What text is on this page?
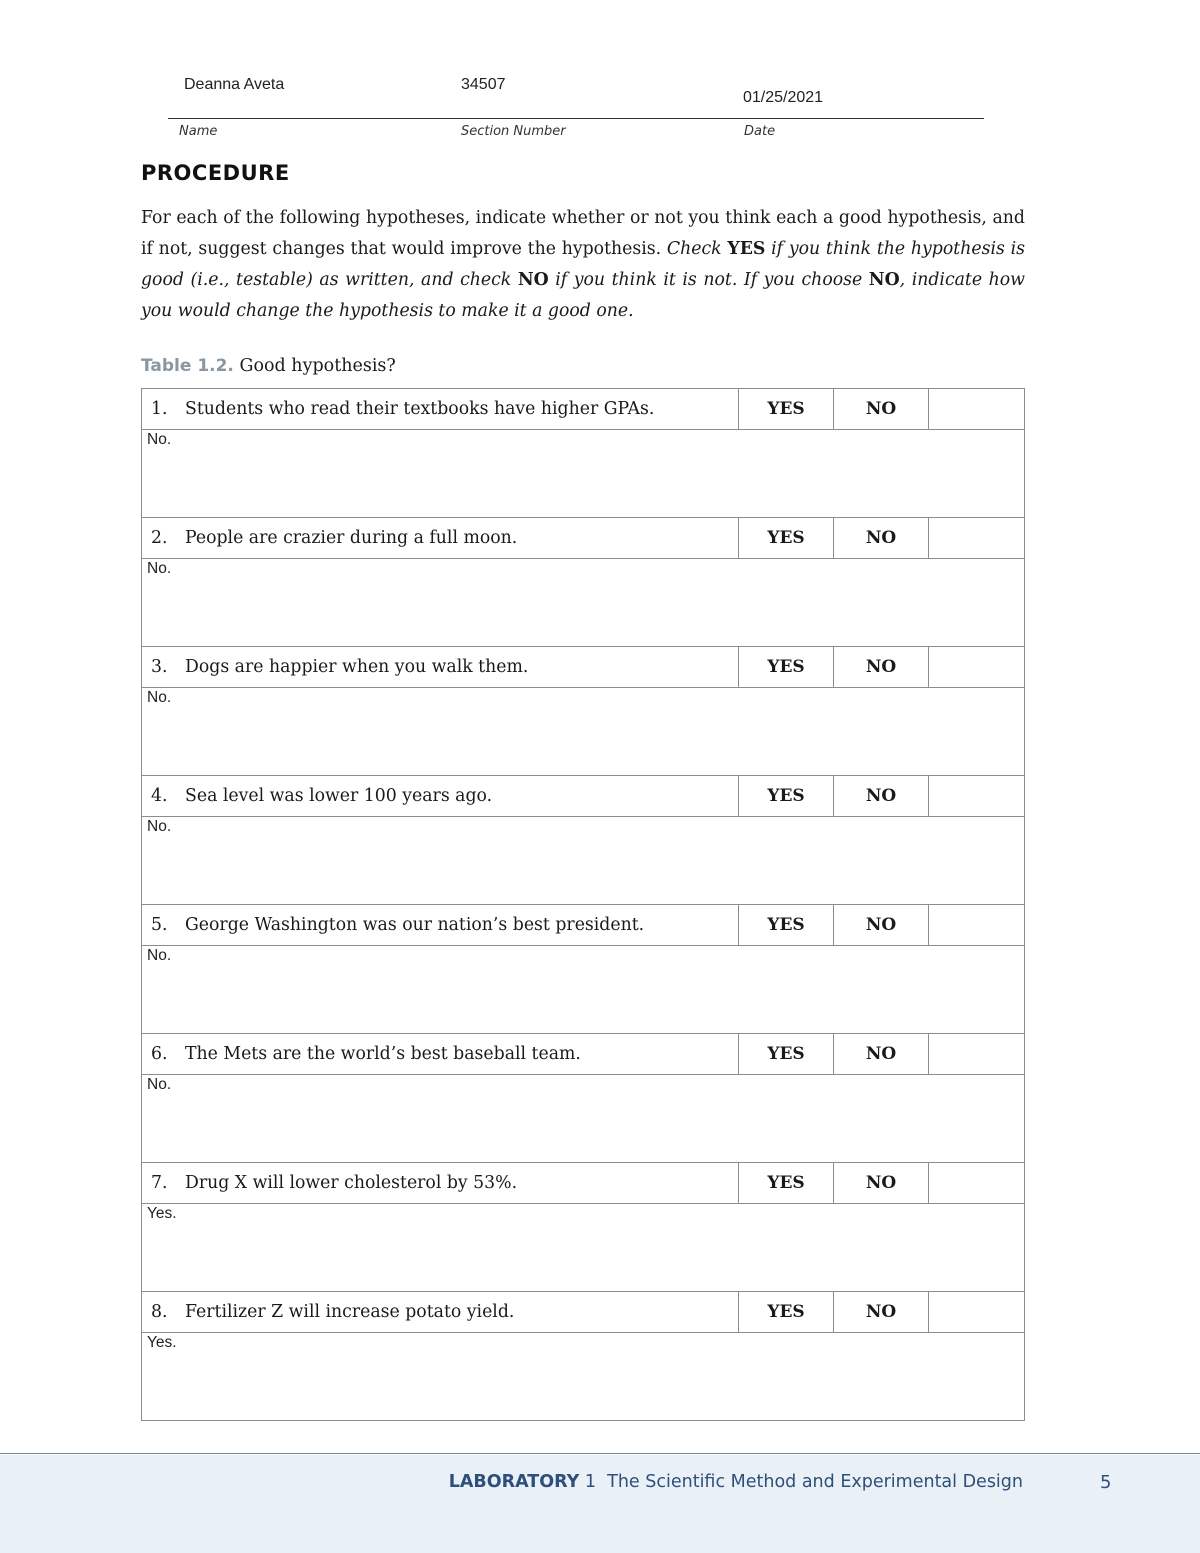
Deanna Aveta	34507
01/25/2021
Name	Section Number	Date
PROCEDURE

For each of the following hypotheses, indicate whether or not you think each a good hypothesis, and if not, suggest changes that would improve the hypothesis. Check YES if you think the hypothesis is good (i.e., testable) as written, and check NO if you think it is not. If you choose NO, indicate how you would change the hypothesis to make it a good one.

Table 1.2. Good hypothesis?
1. Students who read their textbooks have higher GPAs.	YES	NO	

No.			

2. People are crazier during a full moon.	YES	NO	

No.			

3. Dogs are happier when you walk them.	YES	NO	

No.			

4. Sea level was lower 100 years ago.	YES	NO	

No.			

5. George Washington was our nation’s best president.	YES	NO	

No.			

6. The Mets are the world’s best baseball team.	YES	NO	

No.			

7. Drug X will lower cholesterol by 53%.	YES	NO	

Yes.			

8. Fertilizer Z will increase potato yield.	YES	NO	

Yes.			
LABORATORY 1 The Scientific Method and Experimental Design	5
